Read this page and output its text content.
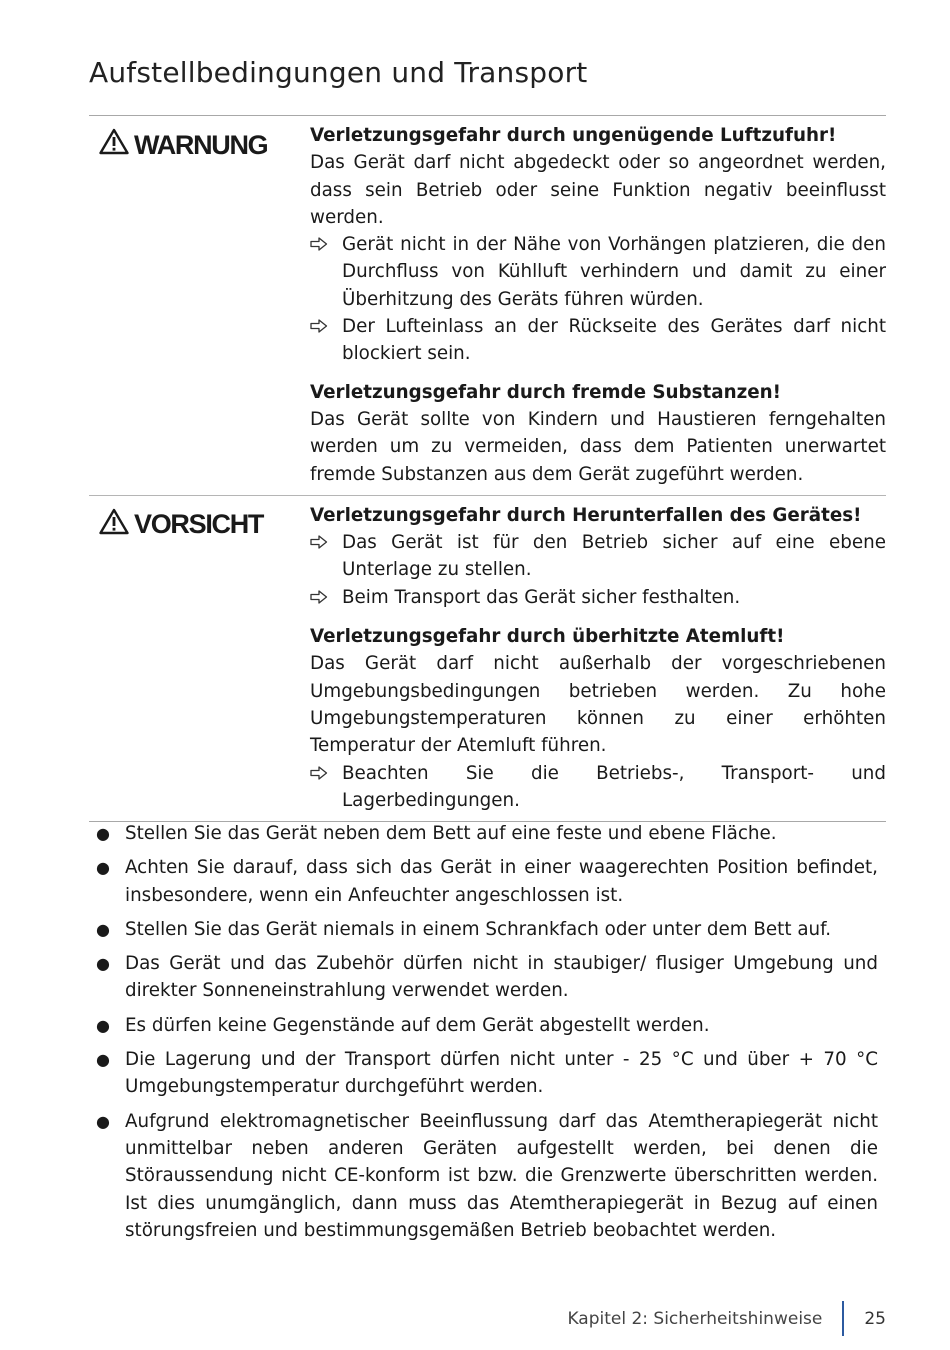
Aufstellbedingungen und Transport
WARNUNG Verletzungsgefahr durch ungenügende Luftzufuhr!
Das Gerät darf nicht abgedeckt oder so angeordnet werden, dass sein Betrieb oder seine Funktion negativ beeinflusst werden.
Gerät nicht in der Nähe von Vorhängen platzieren, die den Durchfluss von Kühlluft verhindern und damit zu einer Überhitzung des Geräts führen würden.
Der Lufteinlass an der Rückseite des Gerätes darf nicht blockiert sein.
Verletzungsgefahr durch fremde Substanzen!
Das Gerät sollte von Kindern und Haustieren ferngehalten werden um zu vermeiden, dass dem Patienten unerwartet fremde Substanzen aus dem Gerät zugeführt werden.
VORSICHT	Verletzungsgefahr durch Herunterfallen des Gerätes!
Das Gerät ist für den Betrieb sicher auf eine ebene Unterlage zu stellen.
Beim Transport das Gerät sicher festhalten.
Verletzungsgefahr durch überhitzte Atemluft!
Das Gerät darf nicht außerhalb der vorgeschriebenen Umgebungsbedingungen betrieben werden. Zu hohe Umgebungstemperaturen können zu einer erhöhten Temperatur der Atemluft führen.
Beachten Sie die Betriebs-, Transport- und Lagerbedingungen.
● Stellen Sie das Gerät neben dem Bett auf eine feste und ebene Fläche.
● Achten Sie darauf, dass sich das Gerät in einer waagerechten Position befindet, insbesondere, wenn ein Anfeuchter angeschlossen ist.
● Stellen Sie das Gerät niemals in einem Schrankfach oder unter dem Bett auf.
● Das Gerät und das Zubehör dürfen nicht in staubiger/ flusiger Umgebung und direkter Sonneneinstrahlung verwendet werden.
● Es dürfen keine Gegenstände auf dem Gerät abgestellt werden.
● Die Lagerung und der Transport dürfen nicht unter - 25 °C und über + 70 °C Umgebungstemperatur durchgeführt werden.
● Aufgrund elektromagnetischer Beeinflussung darf das Atemtherapiegerät nicht unmittelbar neben anderen Geräten aufgestellt werden, bei denen die Störaussendung nicht CE-konform ist bzw. die Grenzwerte überschritten werden. Ist dies unumgänglich, dann muss das Atemtherapiegerät in Bezug auf einen störungsfreien und bestimmungsgemäßen Betrieb beobachtet werden.
Kapitel 2: Sicherheitshinweise 25
